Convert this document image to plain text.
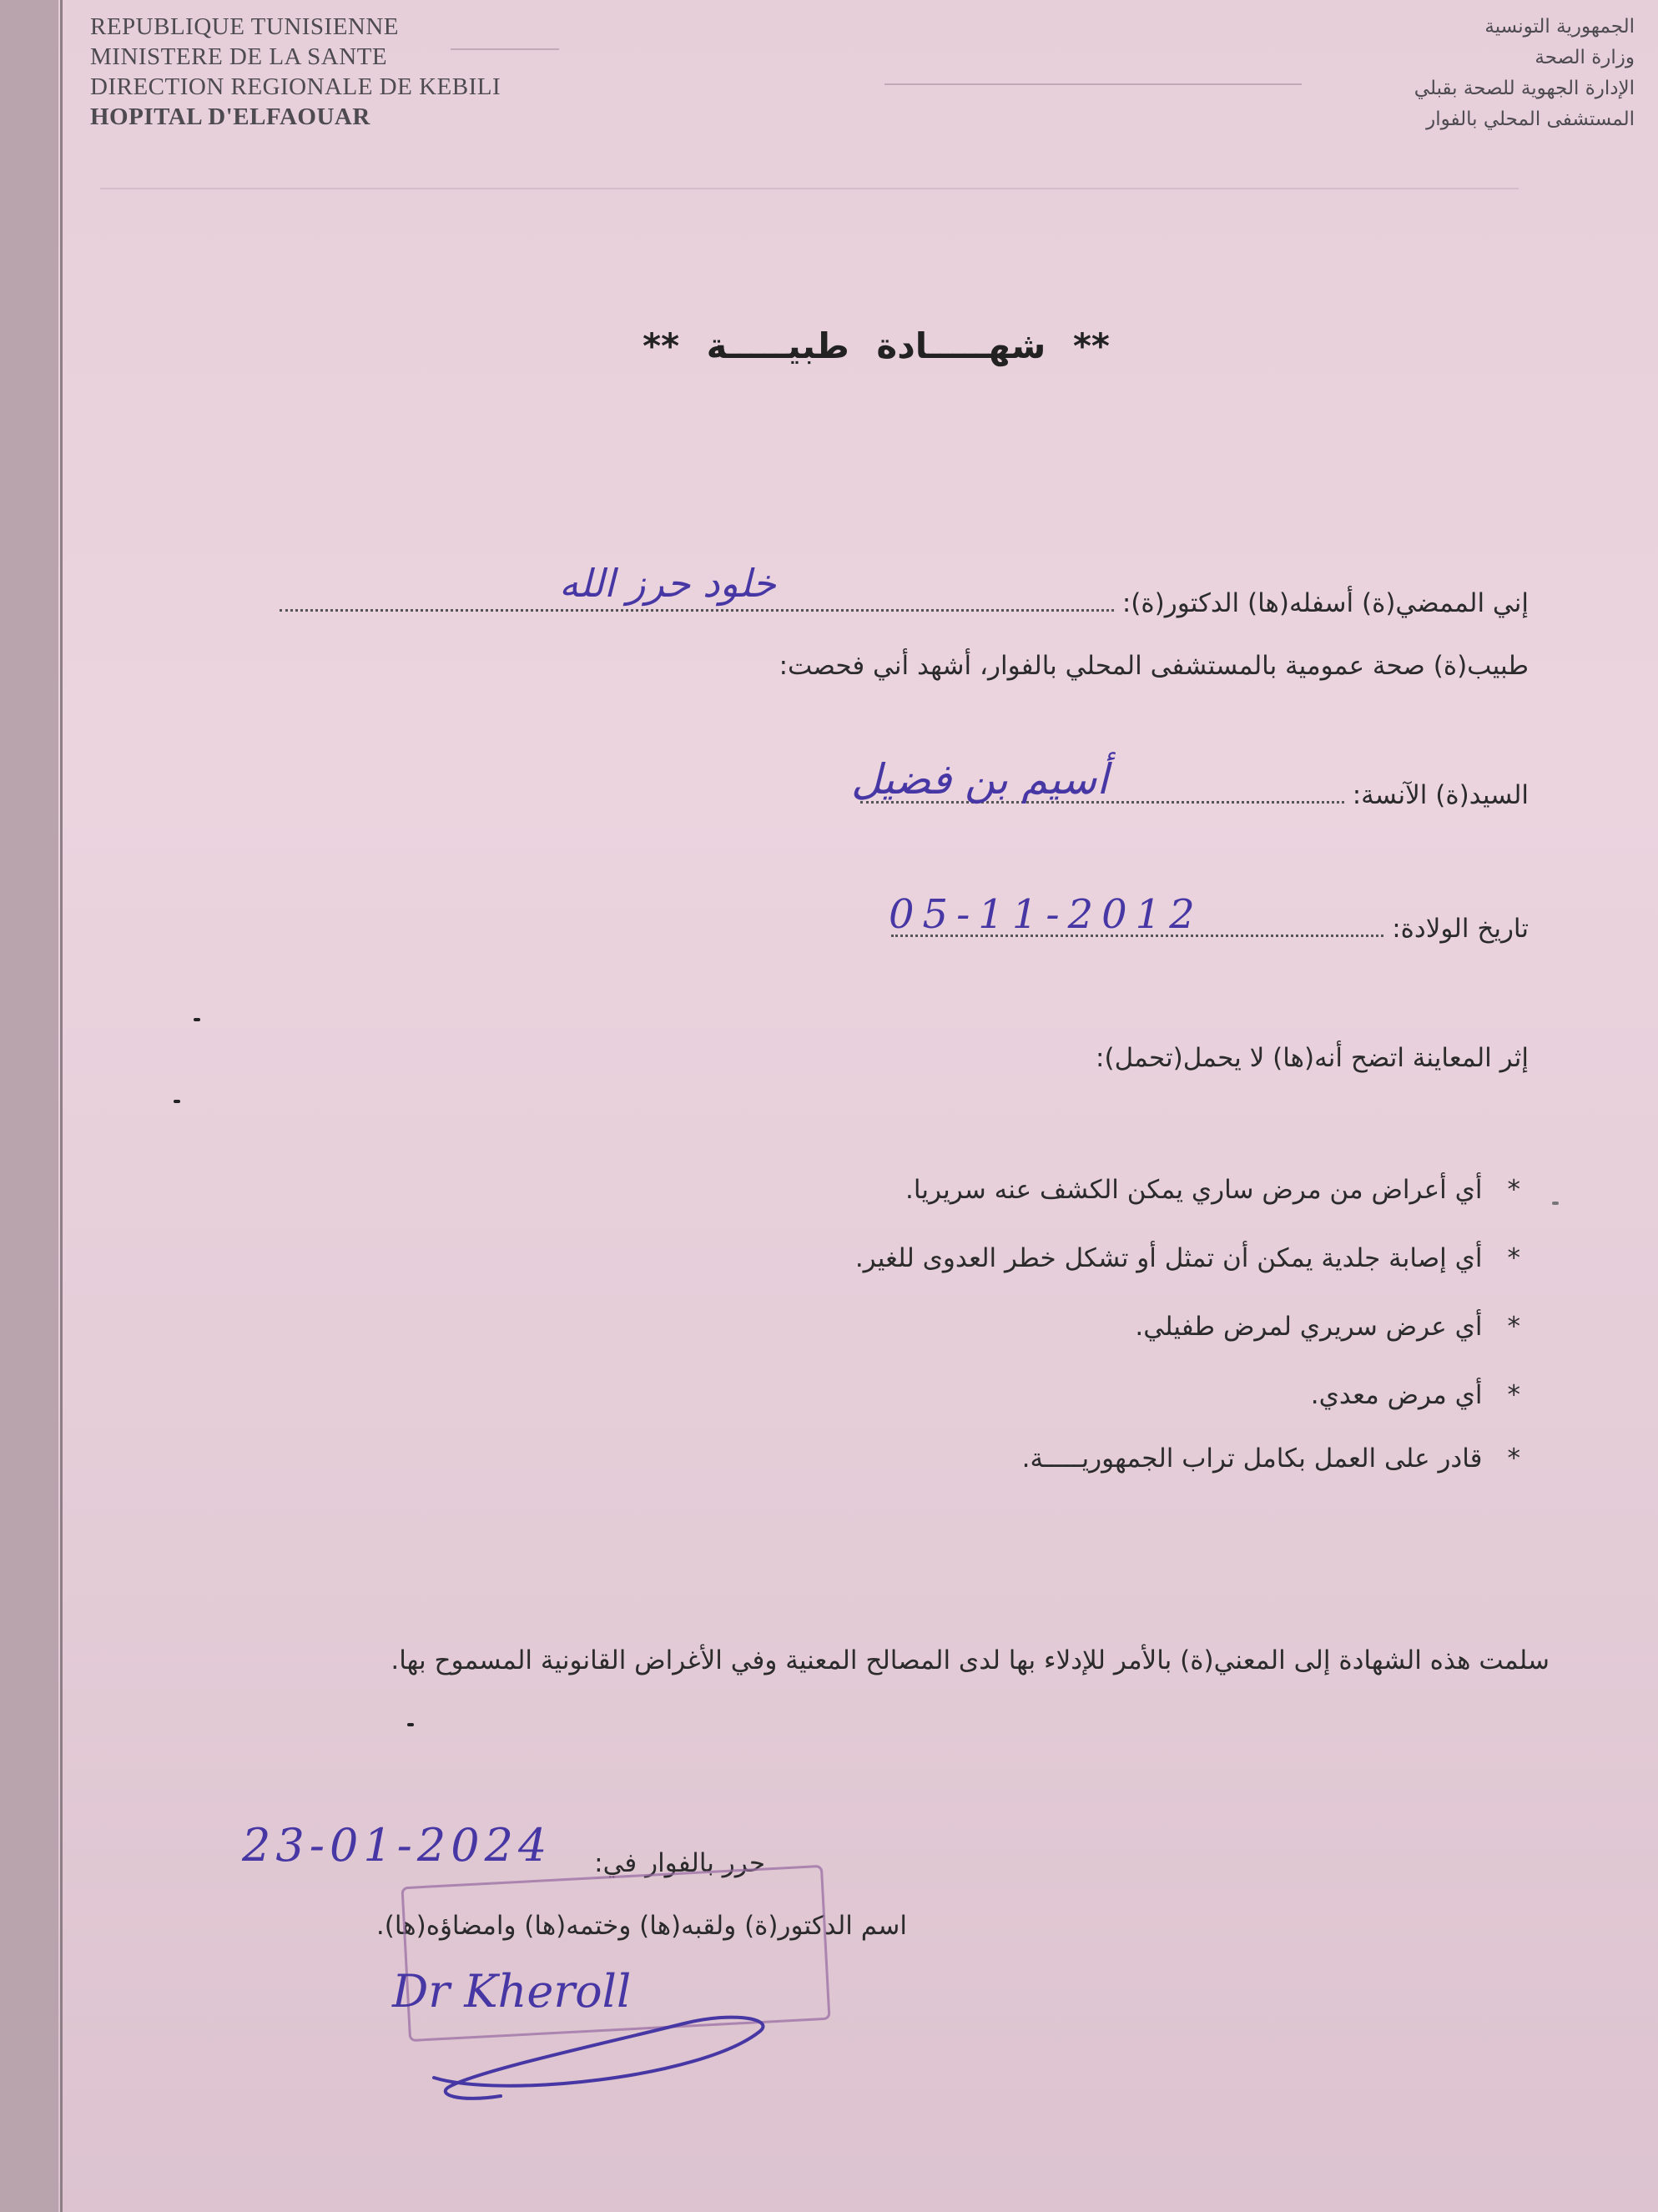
REPUBLIQUE TUNISIENNE
MINISTERE DE LA SANTE
DIRECTION REGIONALE DE KEBILI
HOPITAL D'ELFAOUAR
الجمهورية التونسية
وزارة الصحة
الإدارة الجهوية للصحة بقبلي
المستشفى المحلي بالفوار
** شهـــــادة طبيـــــة **
إني الممضي(ة) أسفله(ها) الدكتور(ة):
خلود حرز الله
طبيب(ة) صحة عمومية بالمستشفى المحلي بالفوار، أشهد أني فحصت:
السيد(ة) الآنسة:
أسيم بن فضيل
تاريخ الولادة:
05-11-2012
إثر المعاينة اتضح أنه(ها) لا يحمل(تحمل):
*أي أعراض من مرض ساري يمكن الكشف عنه سريريا.
*أي إصابة جلدية يمكن أن تمثل أو تشكل خطر العدوى للغير.
*أي عرض سريري لمرض طفيلي.
*أي مرض معدي.
*قادر على العمل بكامل تراب الجمهوريـــــة.
سلمت هذه الشهادة إلى المعني(ة) بالأمر للإدلاء بها لدى المصالح المعنية وفي الأغراض القانونية المسموح بها.
حرر بالفوار في:
23-01-2024
اسم الدكتور(ة) ولقبه(ها) وختمه(ها) وامضاؤه(ها).
Dr Kheroll
